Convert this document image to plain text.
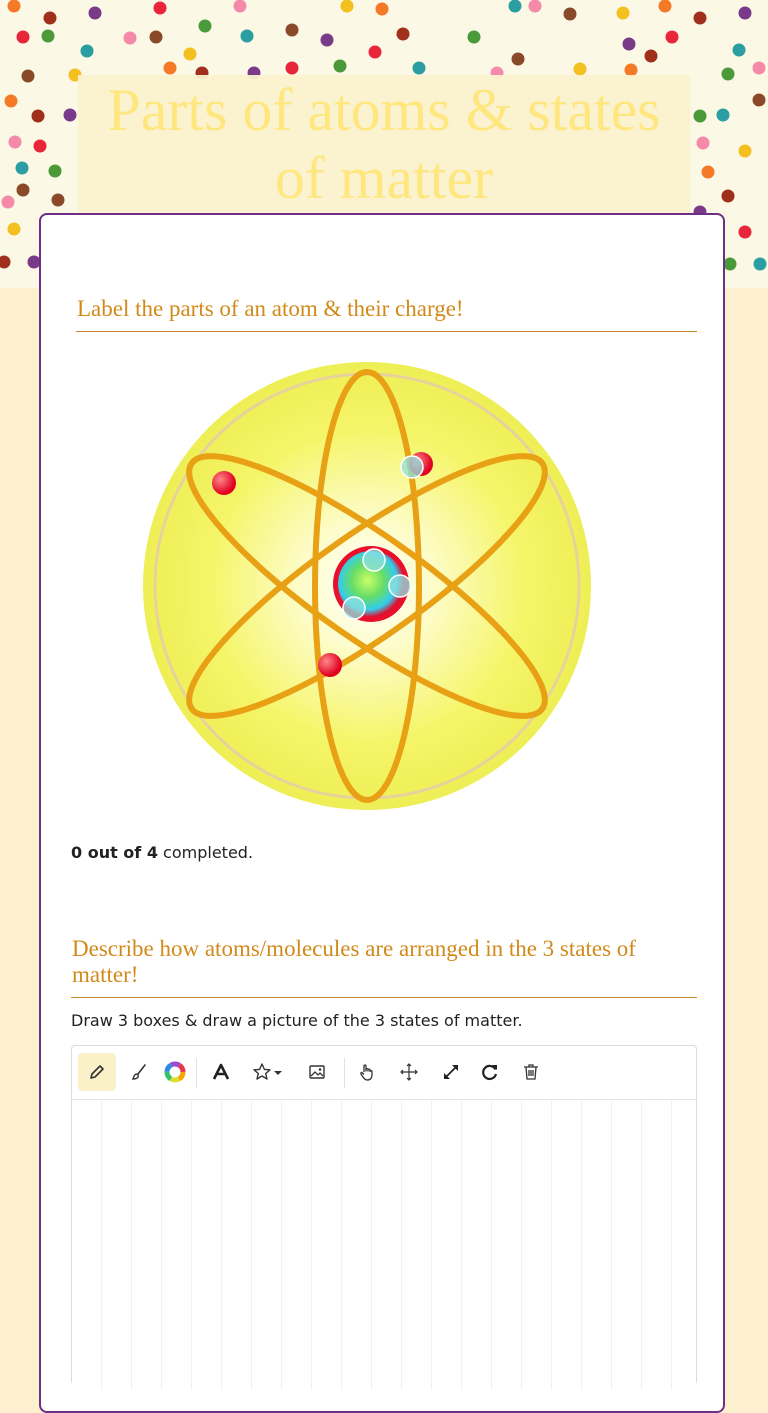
Parts of atoms & states of matter
Label the parts of an atom & their charge!
0 out of 4 completed.
Describe how atoms/molecules are arranged in the 3 states of matter!
Draw 3 boxes & draw a picture of the 3 states of matter.
